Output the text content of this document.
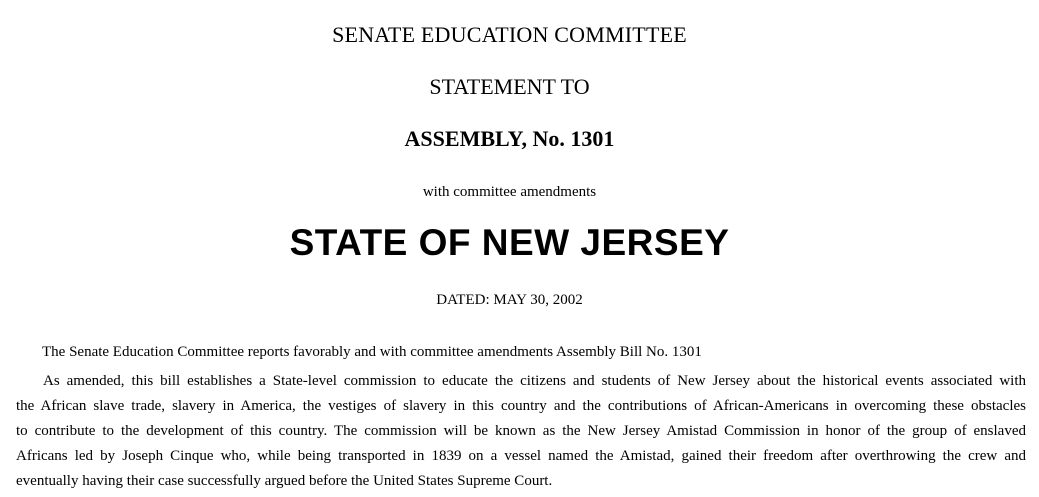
SENATE EDUCATION COMMITTEE
STATEMENT TO
ASSEMBLY, No. 1301
with committee amendments
STATE OF NEW JERSEY
DATED: MAY 30, 2002
The Senate Education Committee reports favorably and with committee amendments Assembly Bill No. 1301
As amended, this bill establishes a State-level commission to educate the citizens and students of New Jersey about the historical events associated with
the African slave trade, slavery in America, the vestiges of slavery in this country and the contributions of African-Americans in overcoming these obstacles
to contribute to the development of this country. The commission will be known as the New Jersey Amistad Commission in honor of the group of enslaved
Africans led by Joseph Cinque who, while being transported in 1839 on a vessel named the Amistad, gained their freedom after overthrowing the crew and
eventually having their case successfully argued before the United States Supreme Court.
